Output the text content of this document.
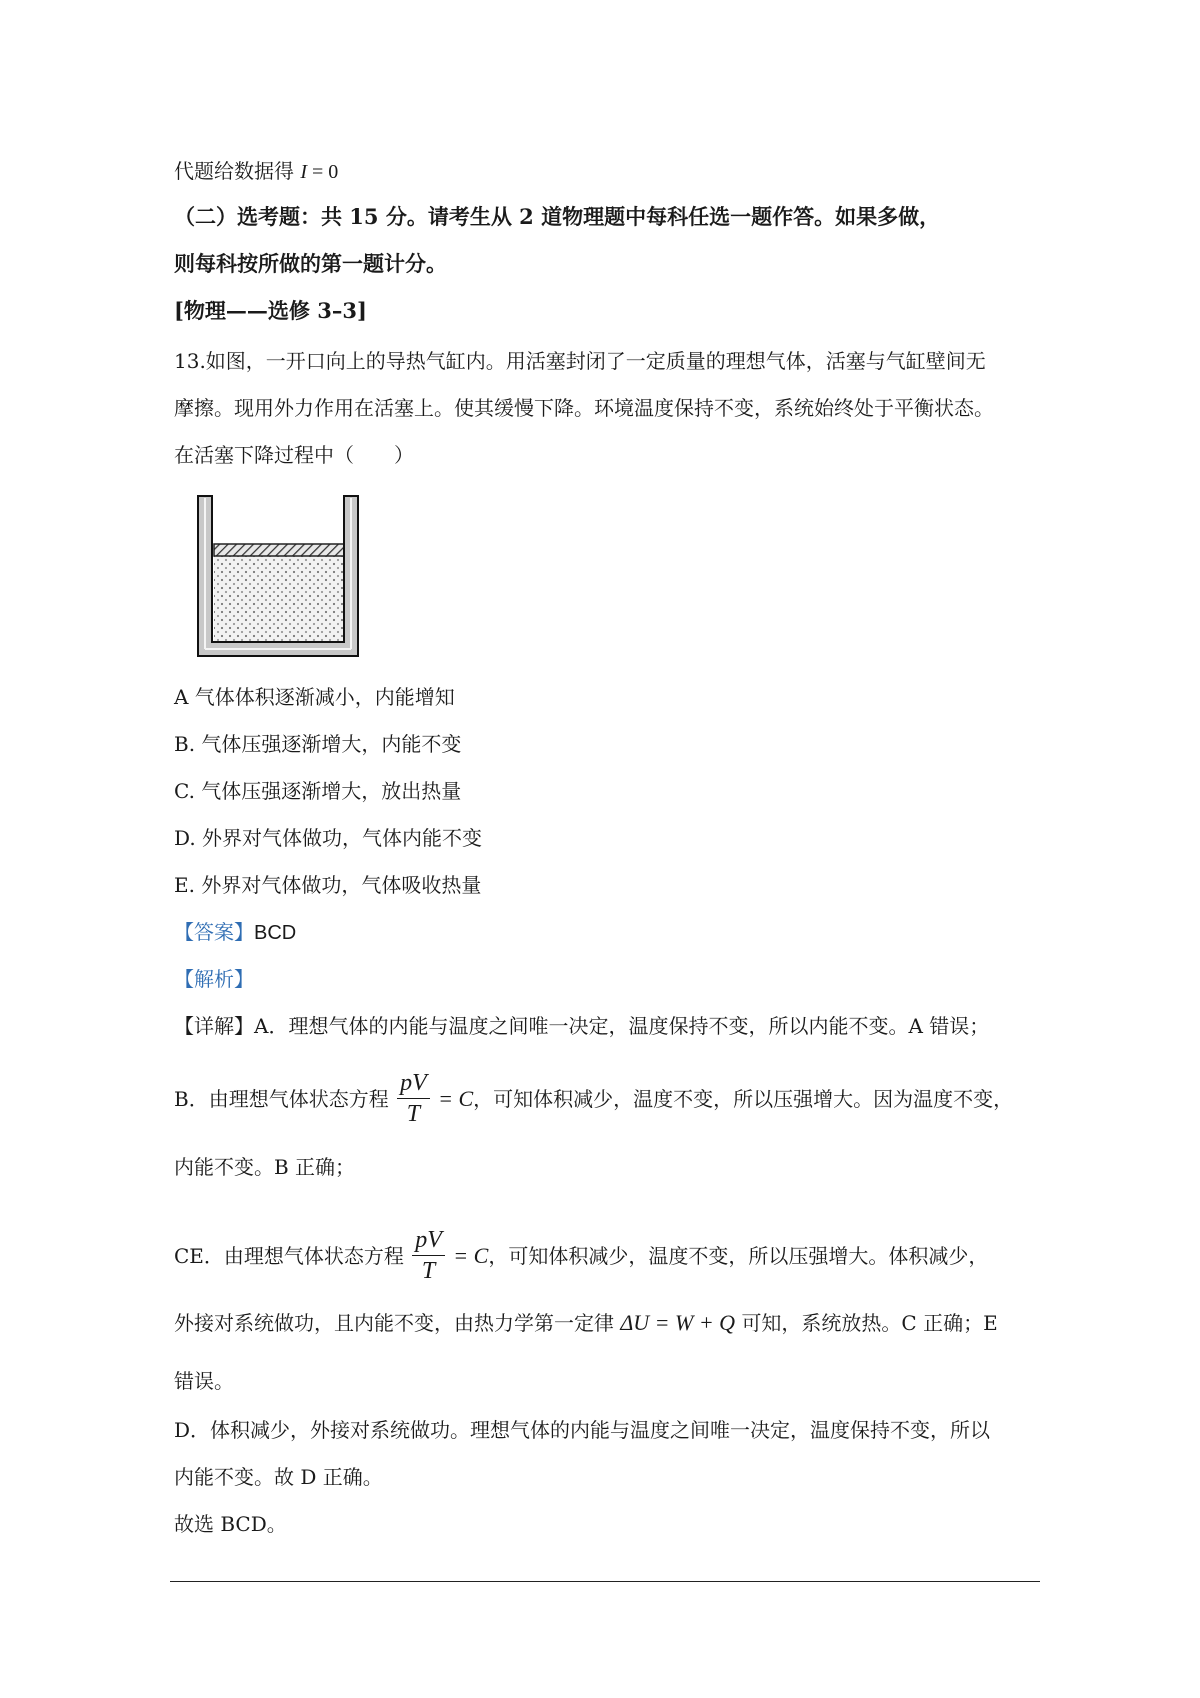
代题给数据得 I = 0
（二）选考题：共 15 分。请考生从 2 道物理题中每科任选一题作答。如果多做，
则每科按所做的第一题计分。
[物理——选修 3–3]
13.如图，一开口向上的导热气缸内。用活塞封闭了一定质量的理想气体，活塞与气缸壁间无
摩擦。现用外力作用在活塞上。使其缓慢下降。环境温度保持不变，系统始终处于平衡状态。
在活塞下降过程中（　　）
A 气体体积逐渐减小，内能增知
B. 气体压强逐渐增大，内能不变
C. 气体压强逐渐增大，放出热量
D. 外界对气体做功，气体内能不变
E. 外界对气体做功，气体吸收热量
【答案】BCD
【解析】
【详解】A．理想气体的内能与温度之间唯一决定，温度保持不变，所以内能不变。A 错误；
B．由理想气体状态方程 $\frac{pV}{T} = C$，可知体积减少，温度不变，所以压强增大。因为温度不变，
内能不变。B 正确；
CE．由理想气体状态方程 $\frac{pV}{T} = C$，可知体积减少，温度不变，所以压强增大。体积减少，
外接对系统做功，且内能不变，由热力学第一定律 ΔU = W + Q 可知，系统放热。C 正确；E
错误。
D．体积减少，外接对系统做功。理想气体的内能与温度之间唯一决定，温度保持不变，所以
内能不变。故 D 正确。
故选 BCD。
